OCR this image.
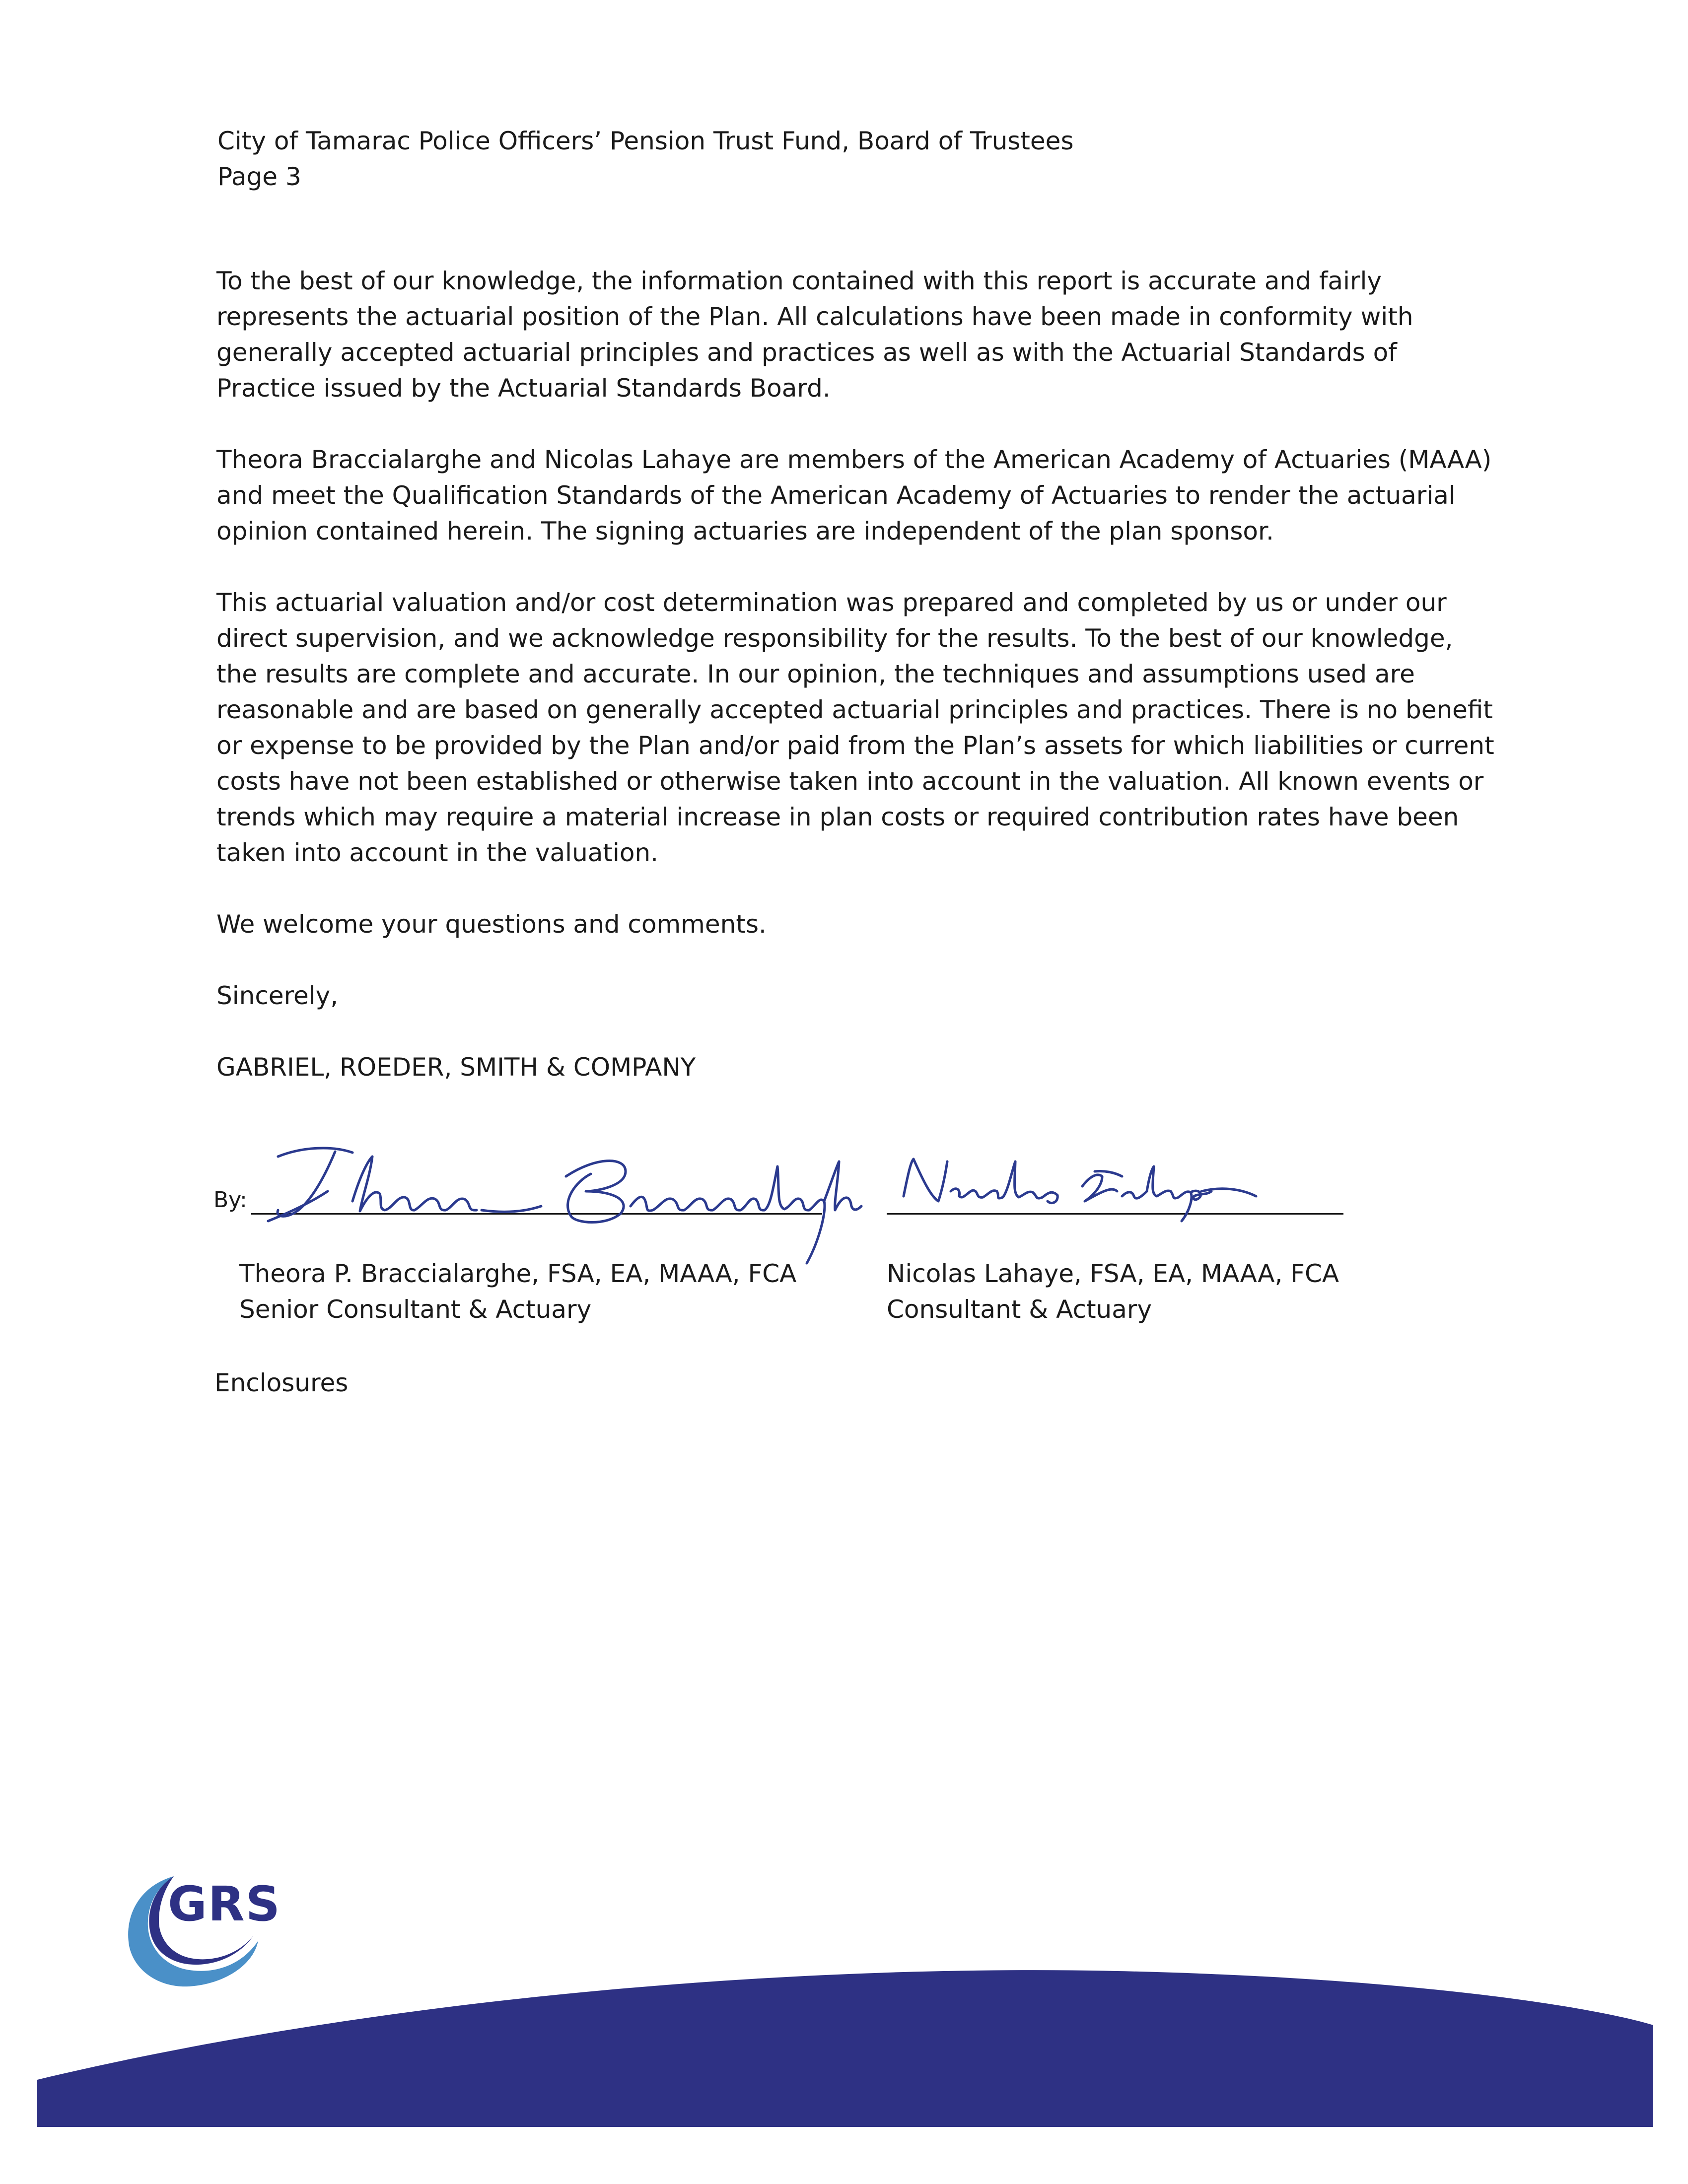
City of Tamarac Police Officers’ Pension Trust Fund, Board of Trustees
Page 3

To the best of our knowledge, the information contained with this report is accurate and fairly represents the actuarial position of the Plan. All calculations have been made in conformity with generally accepted actuarial principles and practices as well as with the Actuarial Standards of Practice issued by the Actuarial Standards Board.

Theora Braccialarghe and Nicolas Lahaye are members of the American Academy of Actuaries (MAAA) and meet the Qualification Standards of the American Academy of Actuaries to render the actuarial opinion contained herein. The signing actuaries are independent of the plan sponsor.

This actuarial valuation and/or cost determination was prepared and completed by us or under our direct supervision, and we acknowledge responsibility for the results. To the best of our knowledge, the results are complete and accurate. In our opinion, the techniques and assumptions used are reasonable and are based on generally accepted actuarial principles and practices. There is no benefit or expense to be provided by the Plan and/or paid from the Plan’s assets for which liabilities or current costs have not been established or otherwise taken into account in the valuation. All known events or trends which may require a material increase in plan costs or required contribution rates have been taken into account in the valuation.

We welcome your questions and comments.

Sincerely,

GABRIEL, ROEDER, SMITH & COMPANY

By:
Theora P. Braccialarghe, FSA, EA, MAAA, FCA
Senior Consultant & Actuary
Nicolas Lahaye, FSA, EA, MAAA, FCA
Consultant & Actuary
Enclosures
GRS
